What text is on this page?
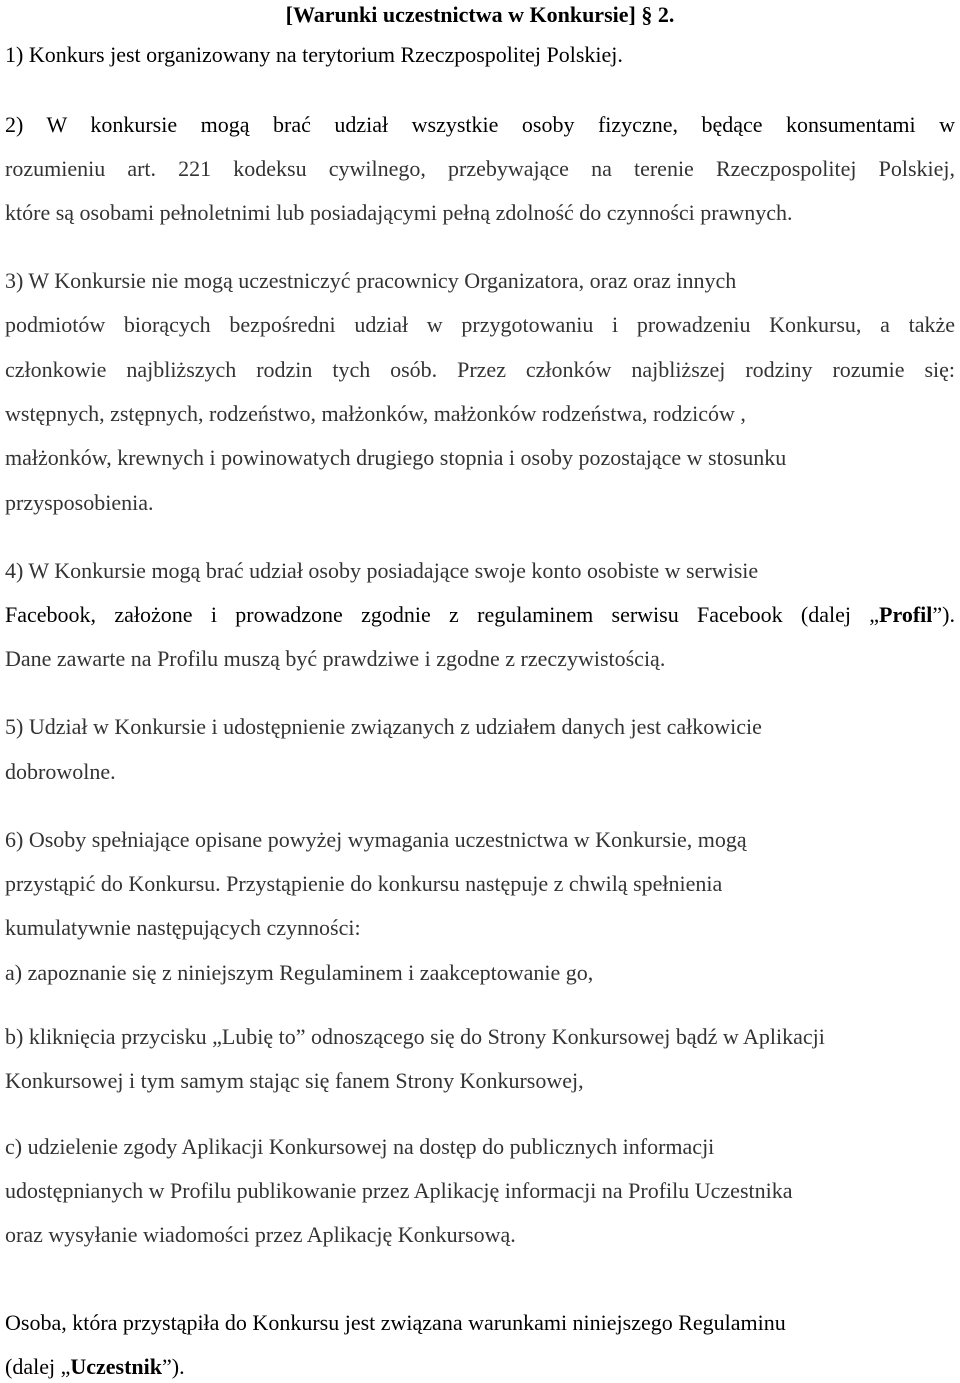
[Warunki uczestnictwa w Konkursie] § 2.
1) Konkurs jest organizowany na terytorium Rzeczpospolitej Polskiej.
2) W konkursie mogą brać udział wszystkie osoby fizyczne, będące konsumentami w
rozumieniu art. 221 kodeksu cywilnego, przebywające na terenie Rzeczpospolitej Polskiej,
które są osobami pełnoletnimi lub posiadającymi pełną zdolność do czynności prawnych.
3) W Konkursie nie mogą uczestniczyć pracownicy Organizatora, oraz oraz innych
podmiotów biorących bezpośredni udział w przygotowaniu i prowadzeniu Konkursu, a także
członkowie najbliższych rodzin tych osób. Przez członków najbliższej rodziny rozumie się:
wstępnych, zstępnych, rodzeństwo, małżonków, małżonków rodzeństwa, rodziców ,
małżonków, krewnych i powinowatych drugiego stopnia i osoby pozostające w stosunku
przysposobienia.
4) W Konkursie mogą brać udział osoby posiadające swoje konto osobiste w serwisie
Facebook, założone i prowadzone zgodnie z regulaminem serwisu Facebook (dalej „Profil”).
Dane zawarte na Profilu muszą być prawdziwe i zgodne z rzeczywistością.
5) Udział w Konkursie i udostępnienie związanych z udziałem danych jest całkowicie
dobrowolne.
6) Osoby spełniające opisane powyżej wymagania uczestnictwa w Konkursie, mogą
przystąpić do Konkursu. Przystąpienie do konkursu następuje z chwilą spełnienia
kumulatywnie następujących czynności:
a) zapoznanie się z niniejszym Regulaminem i zaakceptowanie go,
b) kliknięcia przycisku „Lubię to” odnoszącego się do Strony Konkursowej bądź w Aplikacji
Konkursowej i tym samym stając się fanem Strony Konkursowej,
c) udzielenie zgody Aplikacji Konkursowej na dostęp do publicznych informacji
udostępnianych w Profilu publikowanie przez Aplikację informacji na Profilu Uczestnika
oraz wysyłanie wiadomości przez Aplikację Konkursową.
Osoba, która przystąpiła do Konkursu jest związana warunkami niniejszego Regulaminu
(dalej „Uczestnik”).
